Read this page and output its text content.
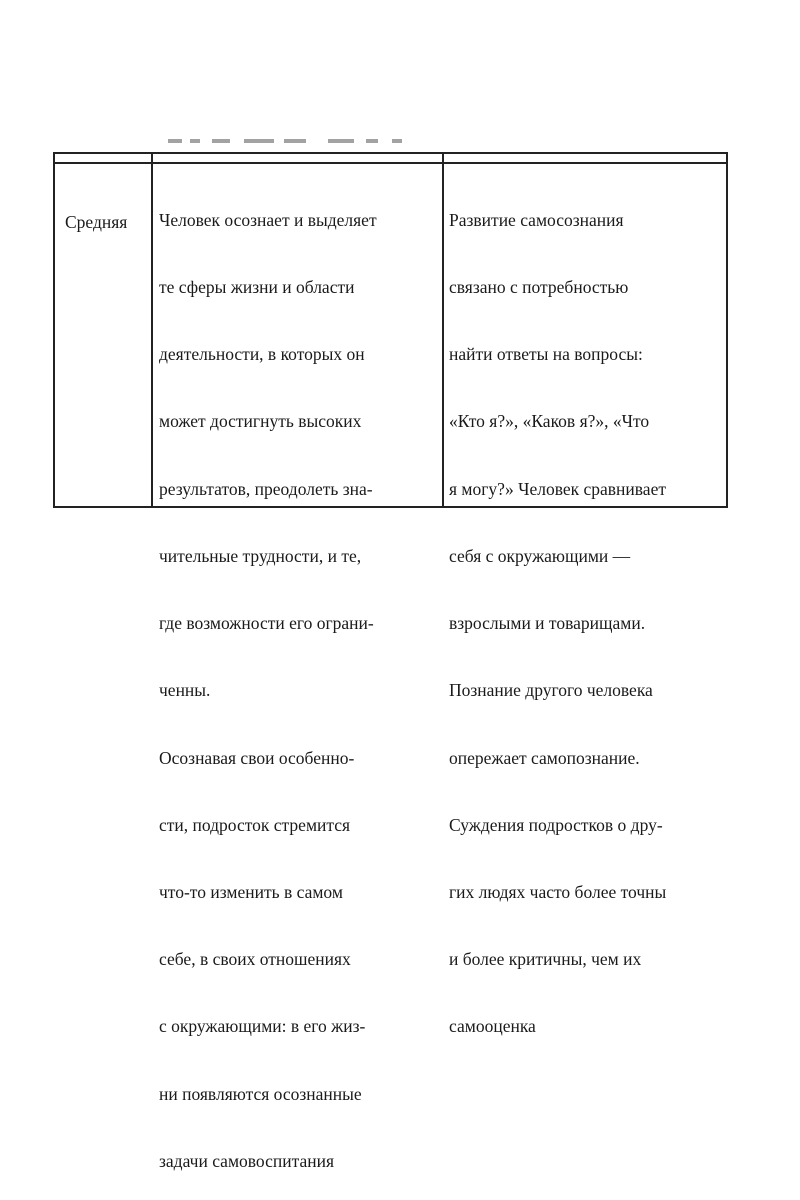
Средняя

Человек осознает и выделяет

те сферы жизни и области

деятельности, в которых он

может достигнуть высоких

результатов, преодолеть зна-

чительные трудности, и те,

где возможности его ограни-

ченны.

Осознавая свои особенно-

сти, подросток стремится

что-то изменить в самом

себе, в своих отношениях

с окружающими: в его жиз-

ни появляются осознанные

задачи самовоспитания

Развитие самосознания

связано с потребностью

найти ответы на вопросы:

«Кто я?», «Каков я?», «Что

я могу?» Человек сравнивает

себя с окружающими —

взрослыми и товарищами.

Познание другого человека

опережает самопознание.

Суждения подростков о дру-

гих людях часто более точны

и более критичны, чем их

самооценка
